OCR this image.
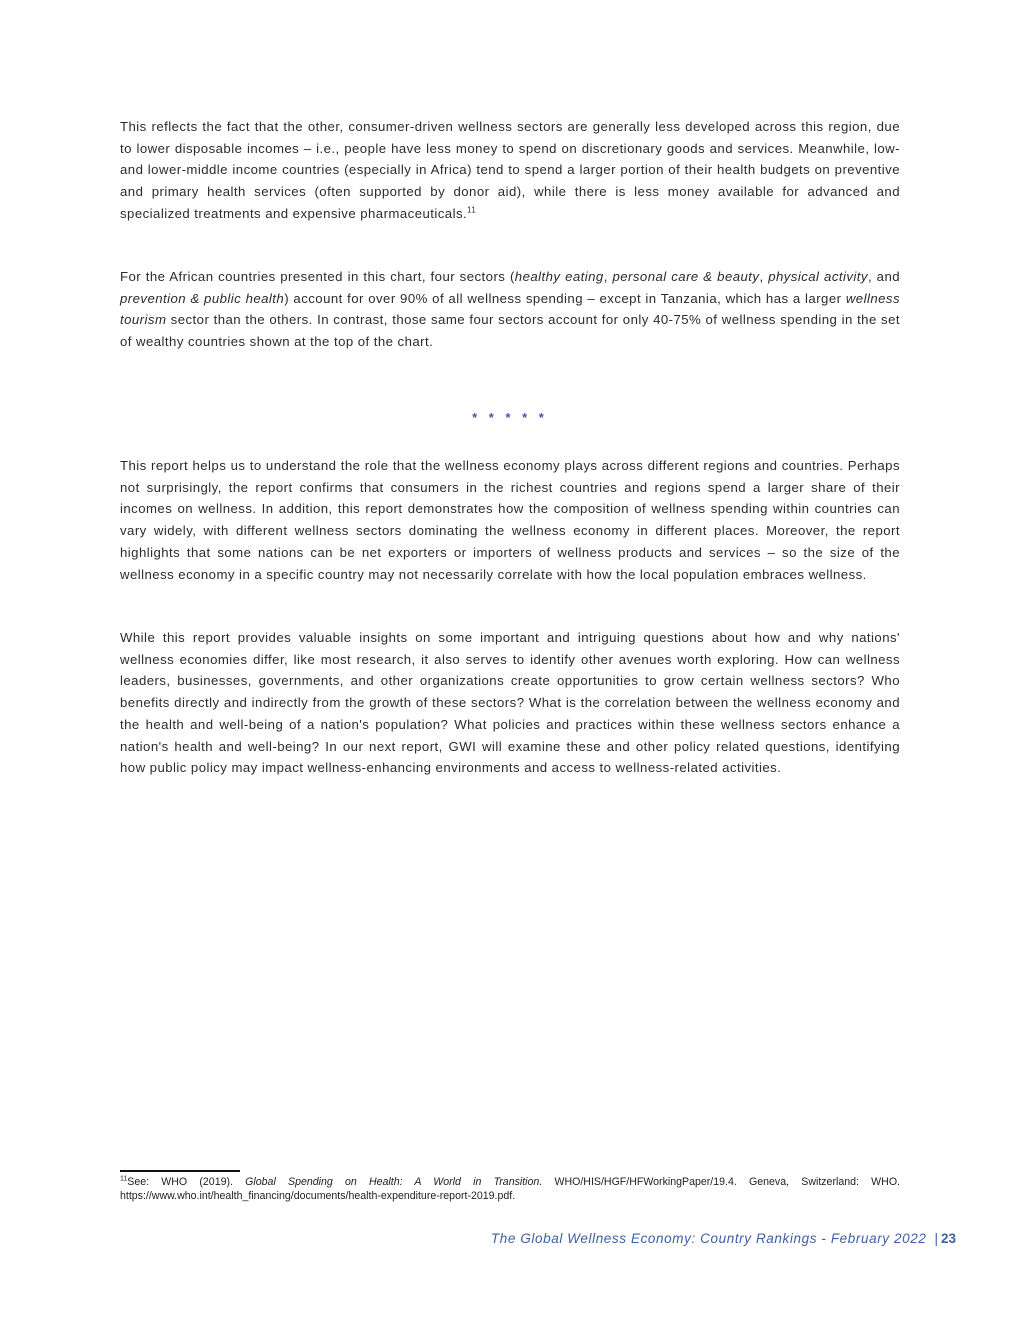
This reflects the fact that the other, consumer-driven wellness sectors are generally less developed across this region, due to lower disposable incomes – i.e., people have less money to spend on discretionary goods and services. Meanwhile, low- and lower-middle income countries (especially in Africa) tend to spend a larger portion of their health budgets on preventive and primary health services (often supported by donor aid), while there is less money available for advanced and specialized treatments and expensive pharmaceuticals.$^{11}$

For the African countries presented in this chart, four sectors (healthy eating, personal care & beauty, physical activity, and prevention & public health) account for over 90% of all wellness spending – except in Tanzania, which has a larger wellness tourism sector than the others. In contrast, those same four sectors account for only 40-75% of wellness spending in the set of wealthy countries shown at the top of the chart.

* * * * *

This report helps us to understand the role that the wellness economy plays across different regions and countries. Perhaps not surprisingly, the report confirms that consumers in the richest countries and regions spend a larger share of their incomes on wellness. In addition, this report demonstrates how the composition of wellness spending within countries can vary widely, with different wellness sectors dominating the wellness economy in different places. Moreover, the report highlights that some nations can be net exporters or importers of wellness products and services – so the size of the wellness economy in a specific country may not necessarily correlate with how the local population embraces wellness.

While this report provides valuable insights on some important and intriguing questions about how and why nations' wellness economies differ, like most research, it also serves to identify other avenues worth exploring. How can wellness leaders, businesses, governments, and other organizations create opportunities to grow certain wellness sectors? Who benefits directly and indirectly from the growth of these sectors? What is the correlation between the wellness economy and the health and well-being of a nation's population? What policies and practices within these wellness sectors enhance a nation's health and well-being? In our next report, GWI will examine these and other policy related questions, identifying how public policy may impact wellness-enhancing environments and access to wellness-related activities.

$^{11}$See: WHO (2019). Global Spending on Health: A World in Transition. WHO/HIS/HGF/HFWorkingPaper/19.4. Geneva, Switzerland: WHO. https://www.who.int/health_financing/documents/health-expenditure-report-2019.pdf.

The Global Wellness Economy: Country Rankings - February 2022 | 23
